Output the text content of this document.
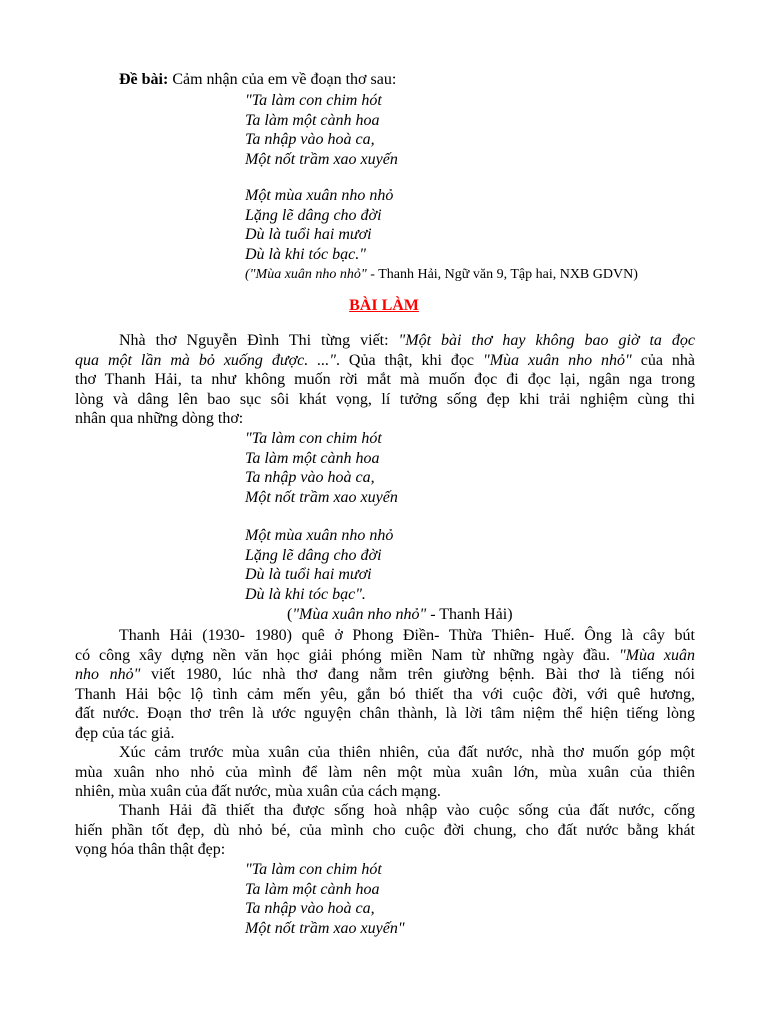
Đề bài: Cảm nhận của em về đoạn thơ sau:
"Ta làm con chim hót
Ta làm một cành hoa
Ta nhập vào hoà ca,
Một nốt trầm xao xuyến
Một mùa xuân nho nhỏ
Lặng lẽ dâng cho đời
Dù là tuổi hai mươi
Dù là khi tóc bạc."
("Mùa xuân nho nhỏ" - Thanh Hải, Ngữ văn 9, Tập hai, NXB GDVN)
BÀI LÀM
Nhà thơ Nguyễn Đình Thi từng viết: "Một bài thơ hay không bao giờ ta đọc
qua một lần mà bỏ xuống được. ...". Qủa thật, khi đọc "Mùa xuân nho nhỏ" của nhà
thơ Thanh Hải, ta như không muốn rời mắt mà muốn đọc đi đọc lại, ngân nga trong
lòng và dâng lên bao sục sôi khát vọng, lí tưởng sống đẹp khi trải nghiệm cùng thi
nhân qua những dòng thơ:
"Ta làm con chim hót
Ta làm một cành hoa
Ta nhập vào hoà ca,
Một nốt trầm xao xuyến
Một mùa xuân nho nhỏ
Lặng lẽ dâng cho đời
Dù là tuổi hai mươi
Dù là khi tóc bạc".
("Mùa xuân nho nhỏ" - Thanh Hải)
Thanh Hải (1930- 1980) quê ở Phong Điền- Thừa Thiên- Huế. Ông là cây bút
có công xây dựng nền văn học giải phóng miền Nam từ những ngày đầu. "Mùa xuân
nho nhỏ" viết 1980, lúc nhà thơ đang nằm trên giường bệnh. Bài thơ là tiếng nói
Thanh Hải bộc lộ tình cảm mến yêu, gắn bó thiết tha với cuộc đời, với quê hương,
đất nước. Đoạn thơ trên là ước nguyện chân thành, là lời tâm niệm thể hiện tiếng lòng
đẹp của tác giả.
Xúc cảm trước mùa xuân của thiên nhiên, của đất nước, nhà thơ muốn góp một
mùa xuân nho nhỏ của mình để làm nên một mùa xuân lớn, mùa xuân của thiên
nhiên, mùa xuân của đất nước, mùa xuân của cách mạng.
Thanh Hải đã thiết tha được sống hoà nhập vào cuộc sống của đất nước, cống
hiến phần tốt đẹp, dù nhỏ bé, của mình cho cuộc đời chung, cho đất nước bằng khát
vọng hóa thân thật đẹp:
"Ta làm con chim hót
Ta làm một cành hoa
Ta nhập vào hoà ca,
Một nốt trầm xao xuyến"
